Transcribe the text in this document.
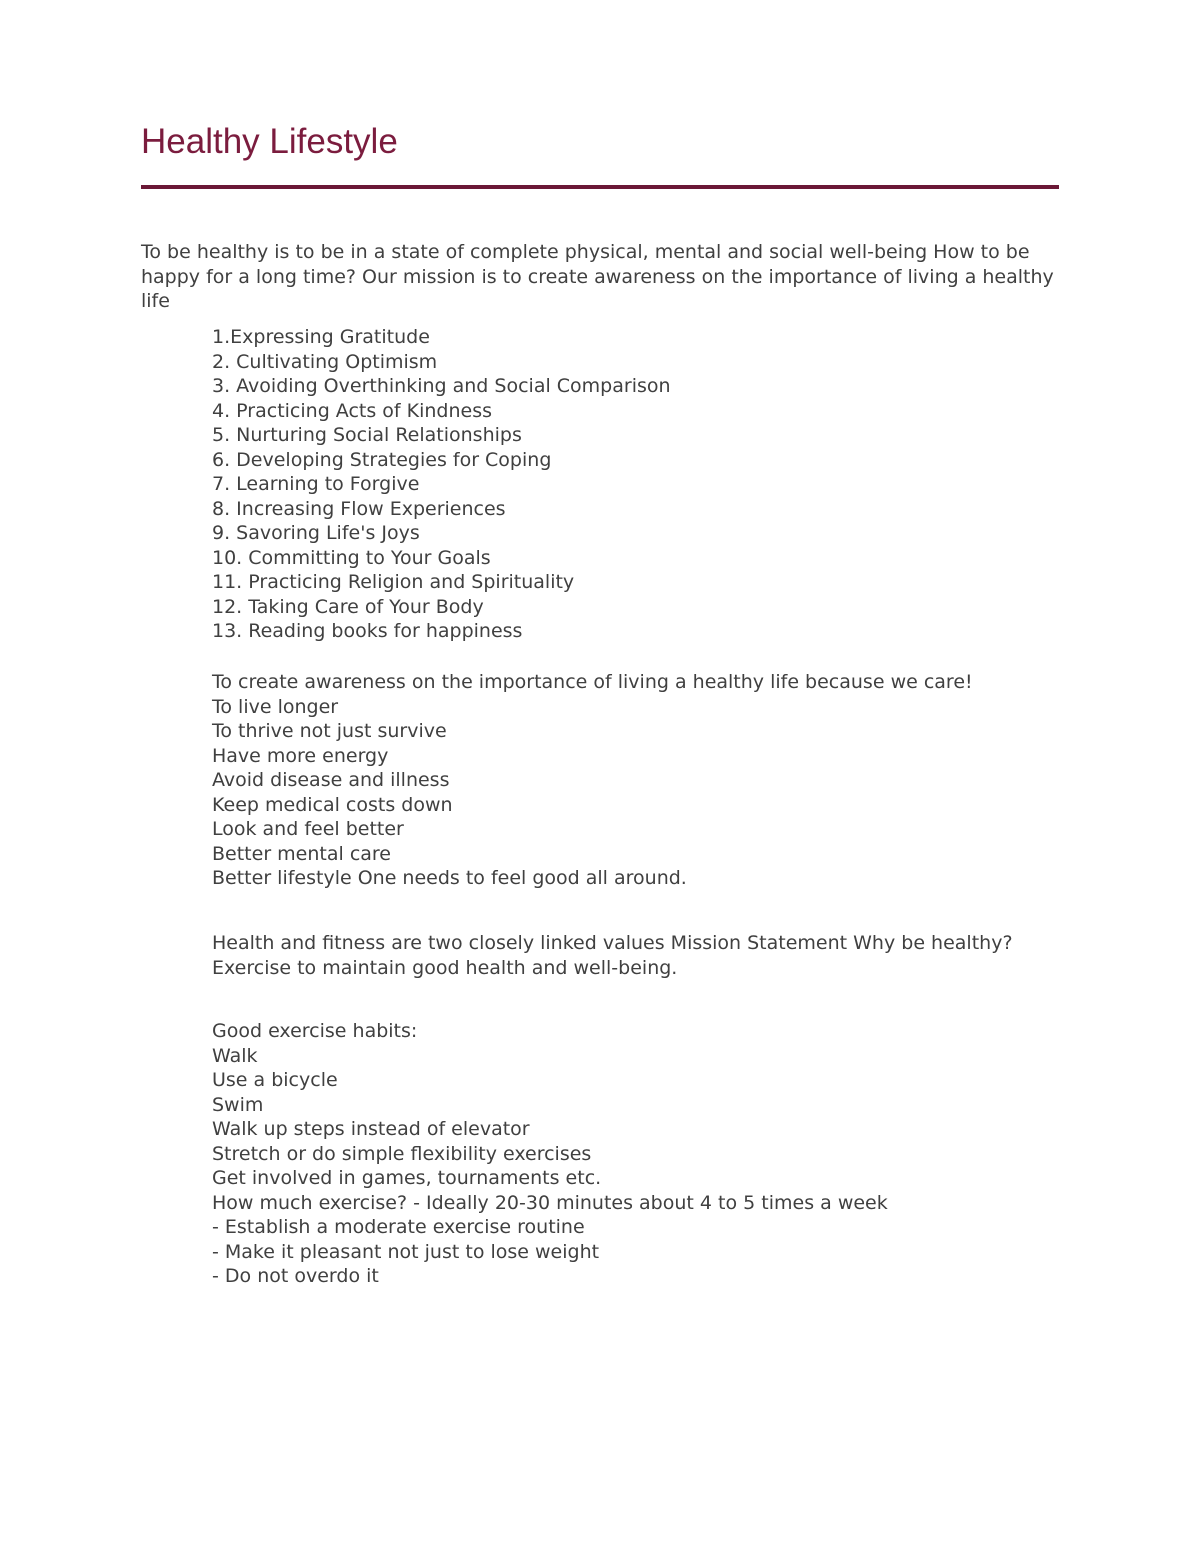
Healthy Lifestyle

To be healthy is to be in a state of complete physical, mental and social well-being How to be happy for a long time? Our mission is to create awareness on the importance of living a healthy life

1.Expressing Gratitude
2. Cultivating Optimism
3. Avoiding Overthinking and Social Comparison
4. Practicing Acts of Kindness
5. Nurturing Social Relationships
6. Developing Strategies for Coping
7. Learning to Forgive
8. Increasing Flow Experiences
9. Savoring Life's Joys
10. Committing to Your Goals
11. Practicing Religion and Spirituality
12. Taking Care of Your Body
13. Reading books for happiness
To create awareness on the importance of living a healthy life because we care!
To live longer
To thrive not just survive
Have more energy
Avoid disease and illness
Keep medical costs down
Look and feel better
Better mental care
Better lifestyle One needs to feel good all around.
Health and fitness are two closely linked values Mission Statement Why be healthy?
Exercise to maintain good health and well-being.
Good exercise habits:
Walk
Use a bicycle
Swim
Walk up steps instead of elevator
Stretch or do simple flexibility exercises
Get involved in games, tournaments etc.
How much exercise? - Ideally 20-30 minutes about 4 to 5 times a week
- Establish a moderate exercise routine
- Make it pleasant not just to lose weight
- Do not overdo it
